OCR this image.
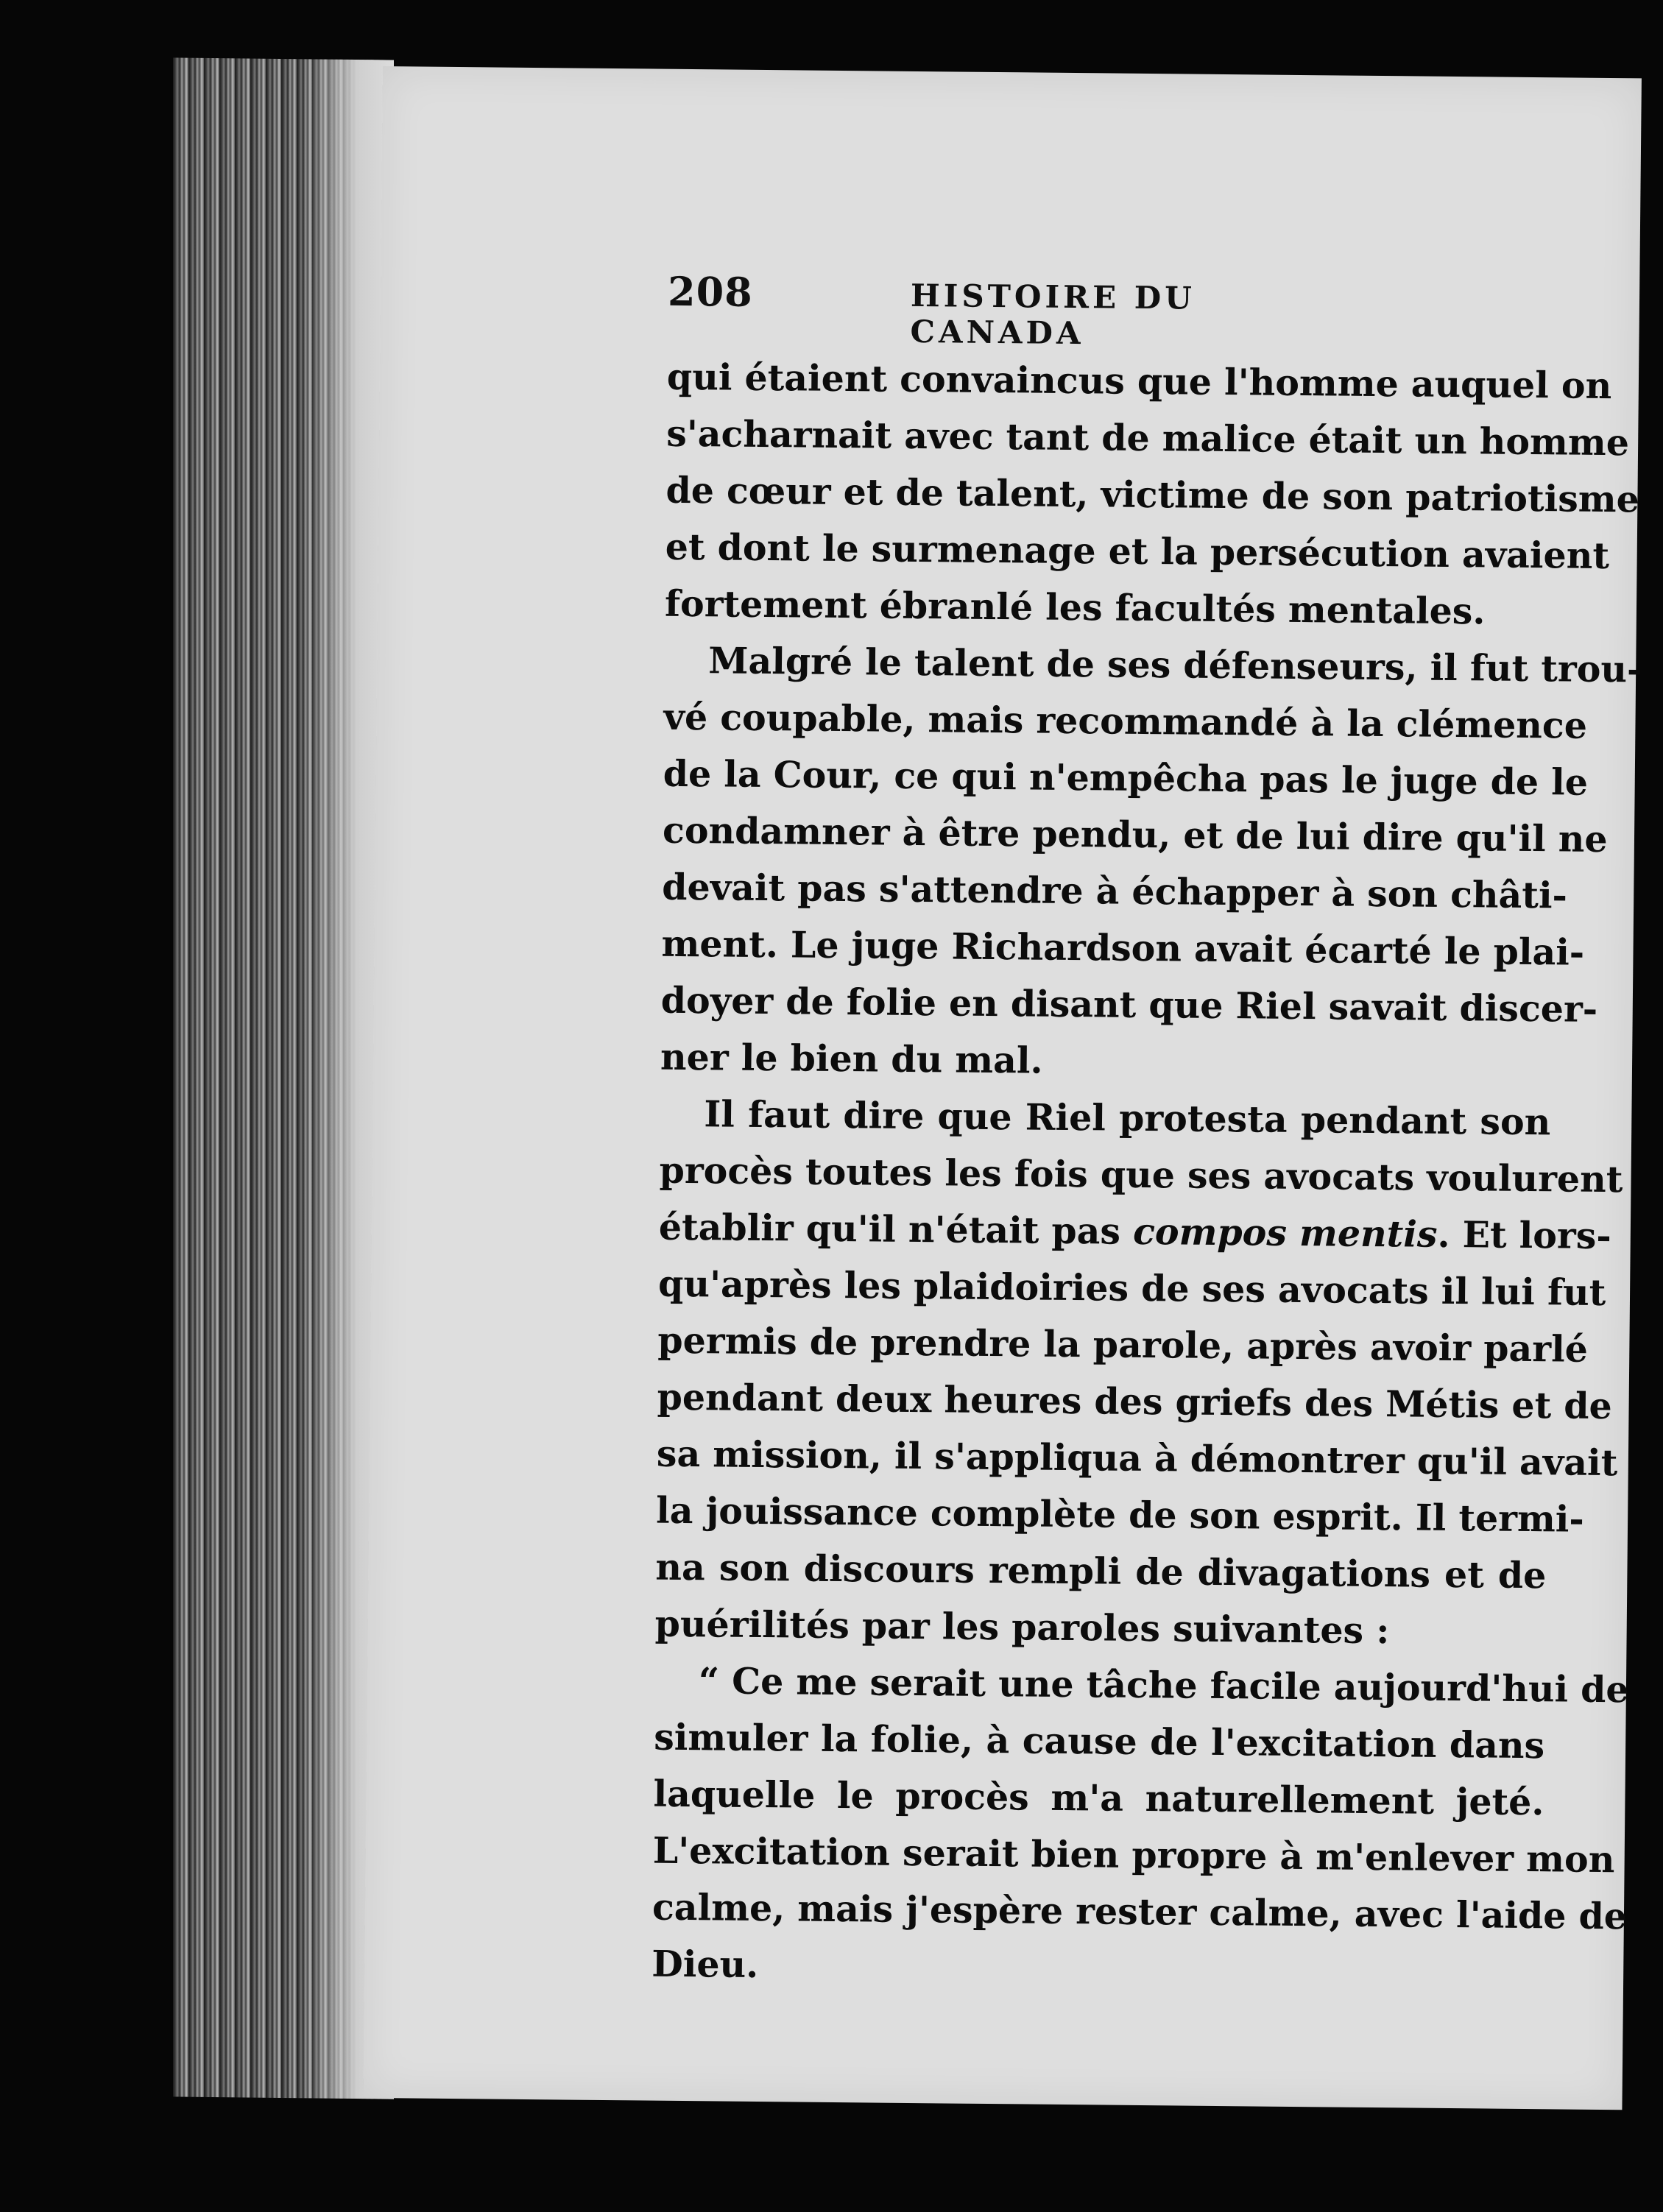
208	HISTOIRE DU CANADA
qui étaient convaincus que l'homme auquel on
s'acharnait avec tant de malice était un homme
de cœur et de talent, victime de son patriotisme
et dont le surmenage et la persécution avaient
fortement ébranlé les facultés mentales.
Malgré le talent de ses défenseurs, il fut trou-
vé coupable, mais recommandé à la clémence
de la Cour, ce qui n'empêcha pas le juge de le
condamner à être pendu, et de lui dire qu'il ne
devait pas s'attendre à échapper à son châti-
ment. Le juge Richardson avait écarté le plai-
doyer de folie en disant que Riel savait discer-
ner le bien du mal.
Il faut dire que Riel protesta pendant son
procès toutes les fois que ses avocats voulurent
établir qu'il n'était pas compos mentis. Et lors-
qu'après les plaidoiries de ses avocats il lui fut
permis de prendre la parole, après avoir parlé
pendant deux heures des griefs des Métis et de
sa mission, il s'appliqua à démontrer qu'il avait
la jouissance complète de son esprit. Il termi-
na son discours rempli de divagations et de
puérilités par les paroles suivantes :
“ Ce me serait une tâche facile aujourd'hui de
simuler la folie, à cause de l'excitation dans
laquelle le procès m'a naturellement jeté.
L'excitation serait bien propre à m'enlever mon
calme, mais j'espère rester calme, avec l'aide de
Dieu.
